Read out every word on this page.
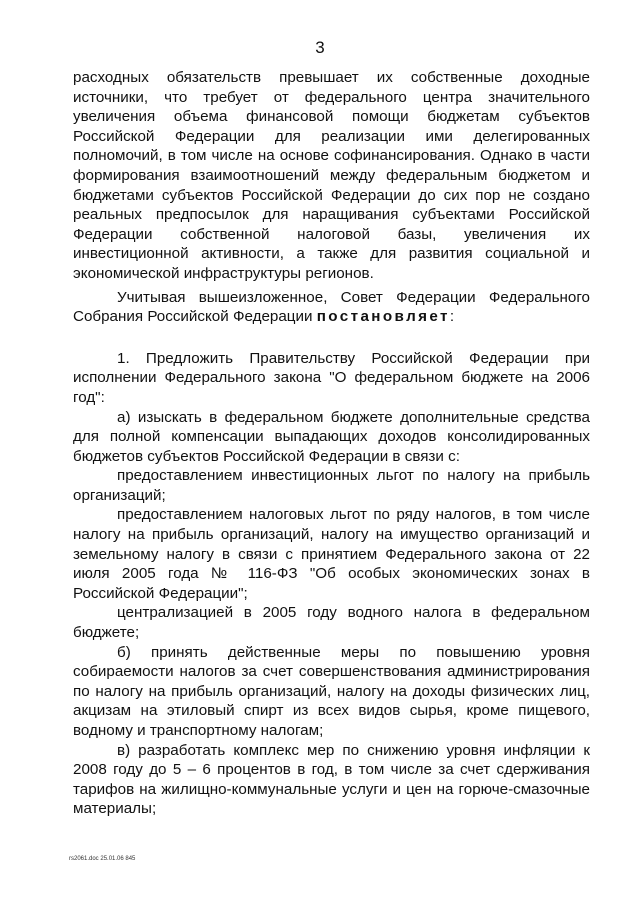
3

расходных обязательств превышает их собственные доходные источники, что требует от федерального центра значительного увеличения объема финансовой помощи бюджетам субъектов Российской Федерации для реализации ими делегированных полномочий, в том числе на основе софинансирования. Однако в части формирования взаимоотношений между федеральным бюджетом и бюджетами субъектов Российской Федерации до сих пор не создано реальных предпосылок для наращивания субъектами Российской Федерации собственной налоговой базы, увеличения их инвестиционной активности, а также для развития социальной и экономической инфраструктуры регионов.

Учитывая вышеизложенное, Совет Федерации Федерального Собрания Российской Федерации постановляет:

1. Предложить Правительству Российской Федерации при исполнении Федерального закона "О федеральном бюджете на 2006 год":

а) изыскать в федеральном бюджете дополнительные средства для полной компенсации выпадающих доходов консолидированных бюджетов субъектов Российской Федерации в связи с:

предоставлением инвестиционных льгот по налогу на прибыль организаций;

предоставлением налоговых льгот по ряду налогов, в том числе налогу на прибыль организаций, налогу на имущество организаций и земельному налогу в связи с принятием Федерального закона от 22 июля 2005 года № 116-ФЗ "Об особых экономических зонах в Российской Федерации";

централизацией в 2005 году водного налога в федеральном бюджете;

б) принять действенные меры по повышению уровня собираемости налогов за счет совершенствования администрирования по налогу на прибыль организаций, налогу на доходы физических лиц, акцизам на этиловый спирт из всех видов сырья, кроме пищевого, водному и транспортному налогам;

в) разработать комплекс мер по снижению уровня инфляции к 2008 году до 5 – 6 процентов в год, в том числе за счет сдерживания тарифов на жилищно-коммунальные услуги и цен на горюче-смазочные материалы;

rs2061.doc 25.01.06 845
